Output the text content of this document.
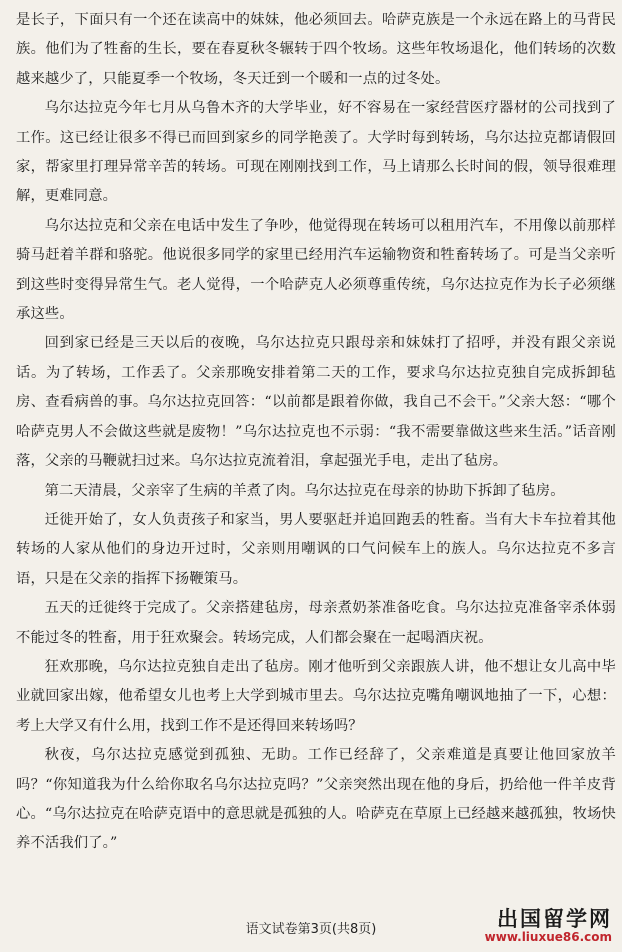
是长子，下面只有一个还在读高中的妹妹，他必须回去。哈萨克族是一个永远在路上的马背民族。他们为了牲畜的生长，要在春夏秋冬辗转于四个牧场。这些年牧场退化，他们转场的次数越来越少了，只能夏季一个牧场，冬天迁到一个暖和一点的过冬处。

乌尔达拉克今年七月从乌鲁木齐的大学毕业，好不容易在一家经营医疗器材的公司找到了工作。这已经让很多不得已而回到家乡的同学艳羡了。大学时每到转场，乌尔达拉克都请假回家，帮家里打理异常辛苦的转场。可现在刚刚找到工作，马上请那么长时间的假，领导很难理解，更难同意。

乌尔达拉克和父亲在电话中发生了争吵，他觉得现在转场可以租用汽车，不用像以前那样骑马赶着羊群和骆驼。他说很多同学的家里已经用汽车运输物资和牲畜转场了。可是当父亲听到这些时变得异常生气。老人觉得，一个哈萨克人必须尊重传统，乌尔达拉克作为长子必须继承这些。

回到家已经是三天以后的夜晚，乌尔达拉克只跟母亲和妹妹打了招呼，并没有跟父亲说话。为了转场，工作丢了。父亲那晚安排着第二天的工作，要求乌尔达拉克独自完成拆卸毡房、查看病兽的事。乌尔达拉克回答：“以前都是跟着你做，我自己不会干。”父亲大怒：“哪个哈萨克男人不会做这些就是废物！”乌尔达拉克也不示弱：“我不需要靠做这些来生活。”话音刚落，父亲的马鞭就扫过来。乌尔达拉克流着泪，拿起强光手电，走出了毡房。

第二天清晨，父亲宰了生病的羊煮了肉。乌尔达拉克在母亲的协助下拆卸了毡房。

迁徙开始了，女人负责孩子和家当，男人要驱赶并追回跑丢的牲畜。当有大卡车拉着其他转场的人家从他们的身边开过时，父亲则用嘲讽的口气问候车上的族人。乌尔达拉克不多言语，只是在父亲的指挥下扬鞭策马。

五天的迁徙终于完成了。父亲搭建毡房，母亲煮奶茶准备吃食。乌尔达拉克准备宰杀体弱不能过冬的牲畜，用于狂欢聚会。转场完成，人们都会聚在一起喝酒庆祝。

狂欢那晚，乌尔达拉克独自走出了毡房。刚才他听到父亲跟族人讲，他不想让女儿高中毕业就回家出嫁，他希望女儿也考上大学到城市里去。乌尔达拉克嘴角嘲讽地抽了一下，心想：考上大学又有什么用，找到工作不是还得回来转场吗？

秋夜，乌尔达拉克感觉到孤独、无助。工作已经辞了，父亲难道是真要让他回家放羊吗？“你知道我为什么给你取名乌尔达拉克吗？”父亲突然出现在他的身后，扔给他一件羊皮背心。“乌尔达拉克在哈萨克语中的意思就是孤独的人。哈萨克在草原上已经越来越孤独，牧场快养不活我们了。”

语文试卷第3页(共8页)	出国留学网
www.liuxue86.com
